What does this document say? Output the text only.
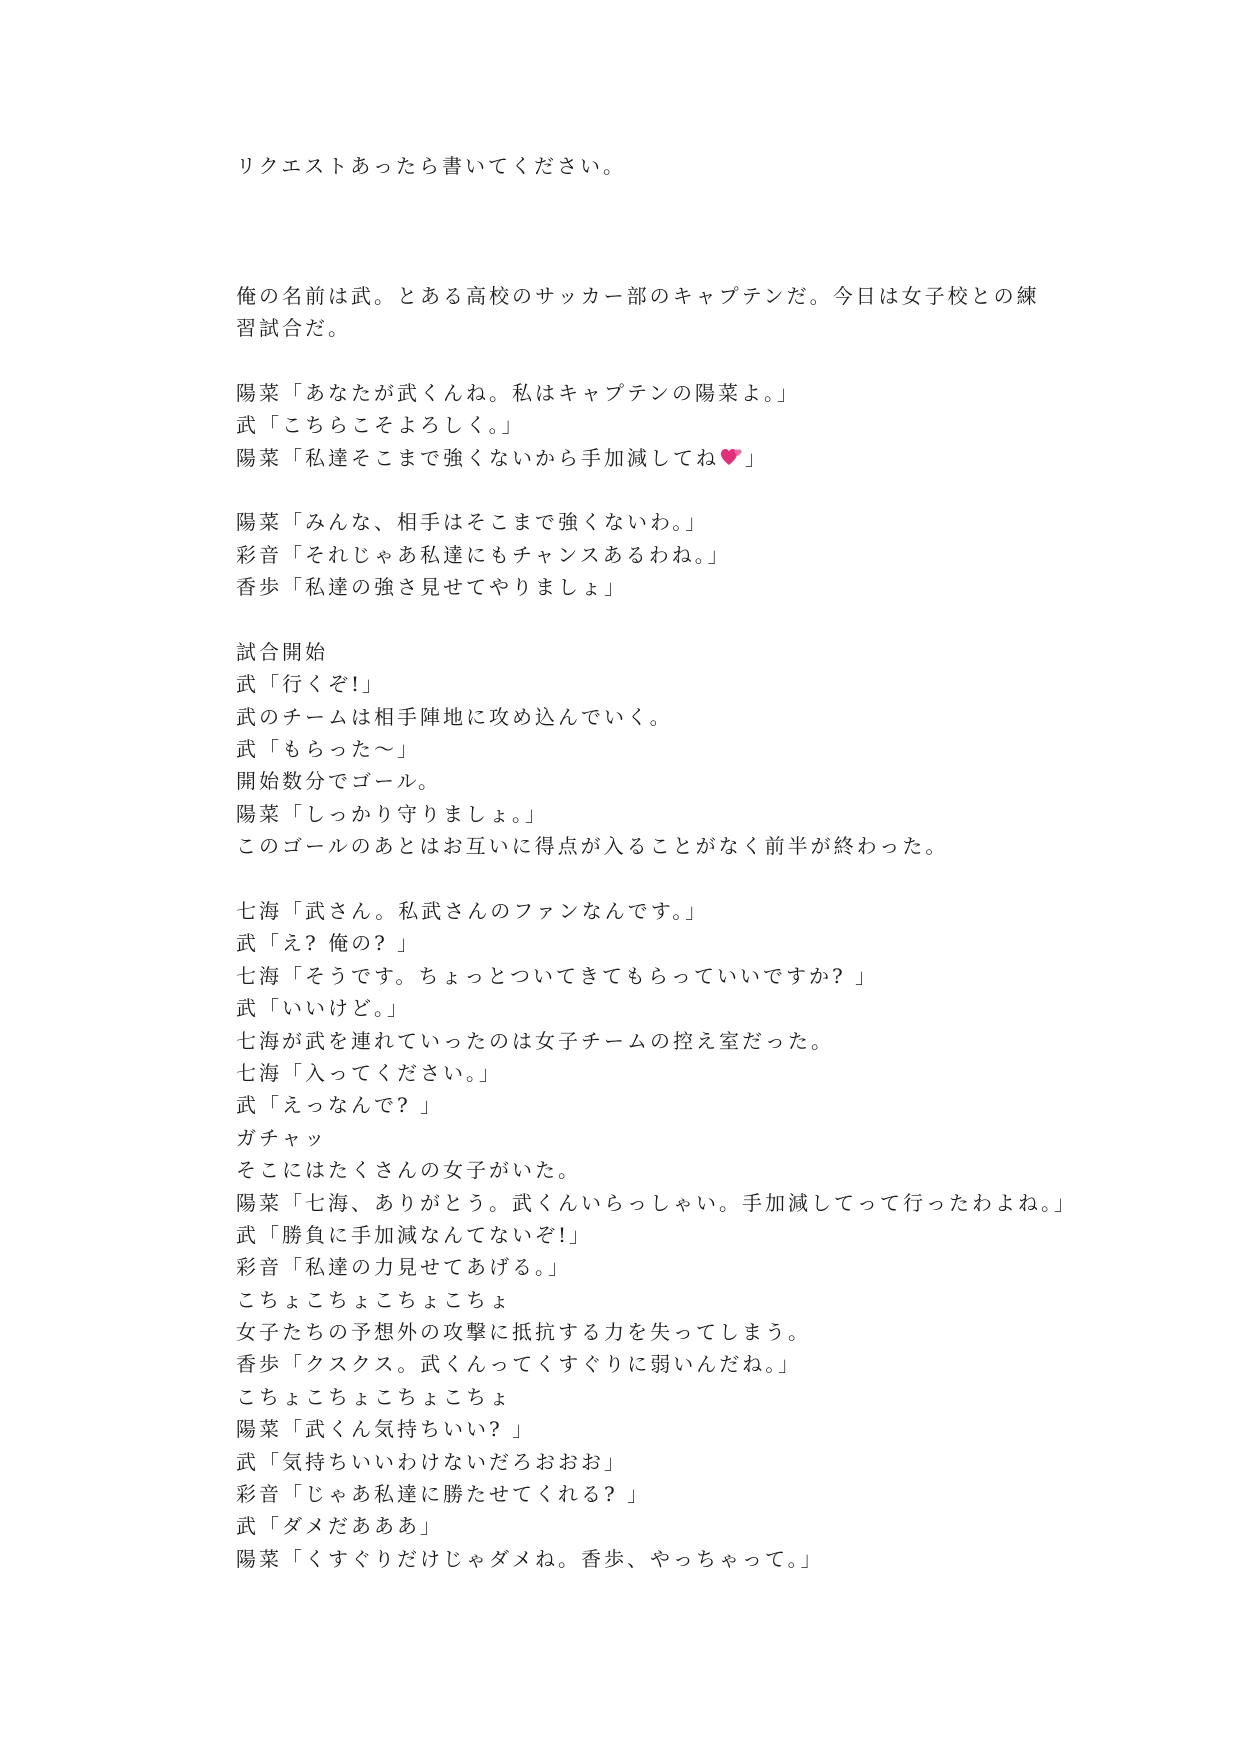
リクエストあったら書いてください。
俺の名前は武。とある高校のサッカー部のキャプテンだ。今日は女子校との練
習試合だ。
陽菜「あなたが武くんね。私はキャプテンの陽菜よ。」
武「こちらこそよろしく。」
陽菜「私達そこまで強くないから手加減してね 」
陽菜「みんな、相手はそこまで強くないわ。」
彩音「それじゃあ私達にもチャンスあるわね。」
香歩「私達の強さ見せてやりましょ」
試合開始
武「行くぞ!」
武のチームは相手陣地に攻め込んでいく。
武「もらった〜」
開始数分でゴール。
陽菜「しっかり守りましょ。」
このゴールのあとはお互いに得点が入ることがなく前半が終わった。
七海「武さん。私武さんのファンなんです。」
武「え? 俺の? 」
七海「そうです。ちょっとついてきてもらっていいですか? 」
武「いいけど。」
七海が武を連れていったのは女子チームの控え室だった。
七海「入ってください。」
武「えっなんで? 」
ガチャッ
そこにはたくさんの女子がいた。
陽菜「七海、ありがとう。武くんいらっしゃい。手加減してって行ったわよね。」
武「勝負に手加減なんてないぞ!」
彩音「私達の力見せてあげる。」
こちょこちょこちょこちょ
女子たちの予想外の攻撃に抵抗する力を失ってしまう。
香歩「クスクス。武くんってくすぐりに弱いんだね。」
こちょこちょこちょこちょ
陽菜「武くん気持ちいい? 」
武「気持ちいいわけないだろおおお」
彩音「じゃあ私達に勝たせてくれる? 」
武「ダメだあああ」
陽菜「くすぐりだけじゃダメね。香歩、やっちゃって。」
